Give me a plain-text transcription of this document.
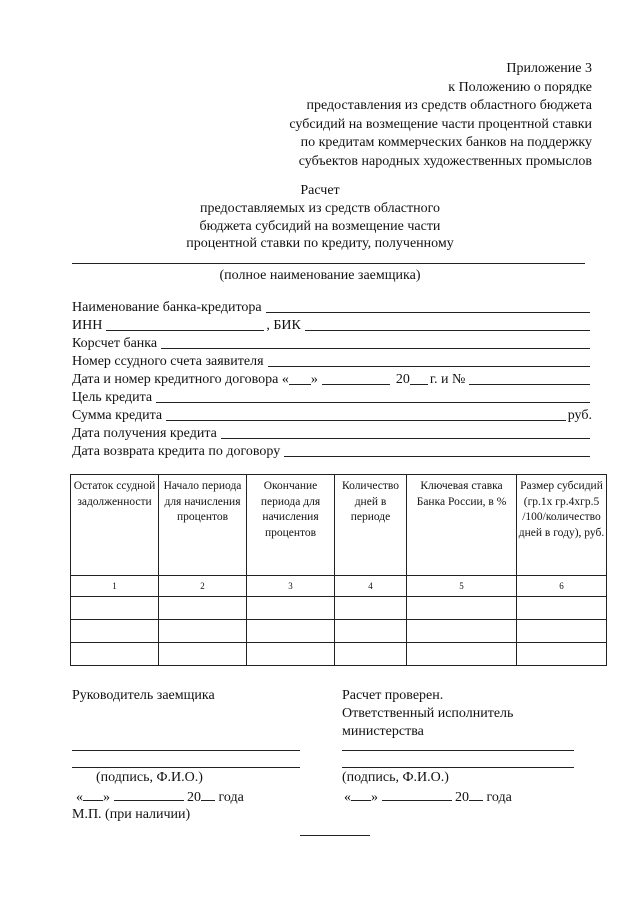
Приложение 3
к Положению о порядке
предоставления из средств областного бюджета
субсидий на возмещение части процентной ставки
по кредитам коммерческих банков на поддержку
субъектов народных художественных промыслов
Расчет
предоставляемых из средств областного
бюджета субсидий на возмещение части
процентной ставки по кредиту, полученному
(полное наименование заемщика)
Наименование банка-кредитора
ИНН	, БИК
Корсчет банка
Номер ссудного счета заявителя
Дата и номер кредитного договора « »	20 г. и №
Цель кредита
Сумма кредита	руб.
Дата получения кредита
Дата возврата кредита по договору
Остаток ссудной задолженности	Начало периода для начисления процентов	Окончание периода для начисления процентов	Количество дней в периоде	Ключевая ставка Банка России, в %	Размер субсидий (гр.1х гр.4хгр.5 /100/количество дней в году), руб.
1	2	3	4	5	6

Руководитель заемщика
(подпись, Ф.И.О.)
« »	20 года
М.П. (при наличии)
Расчет проверен.
Ответственный исполнитель
министерства
(подпись, Ф.И.О.)
« »	20 года
